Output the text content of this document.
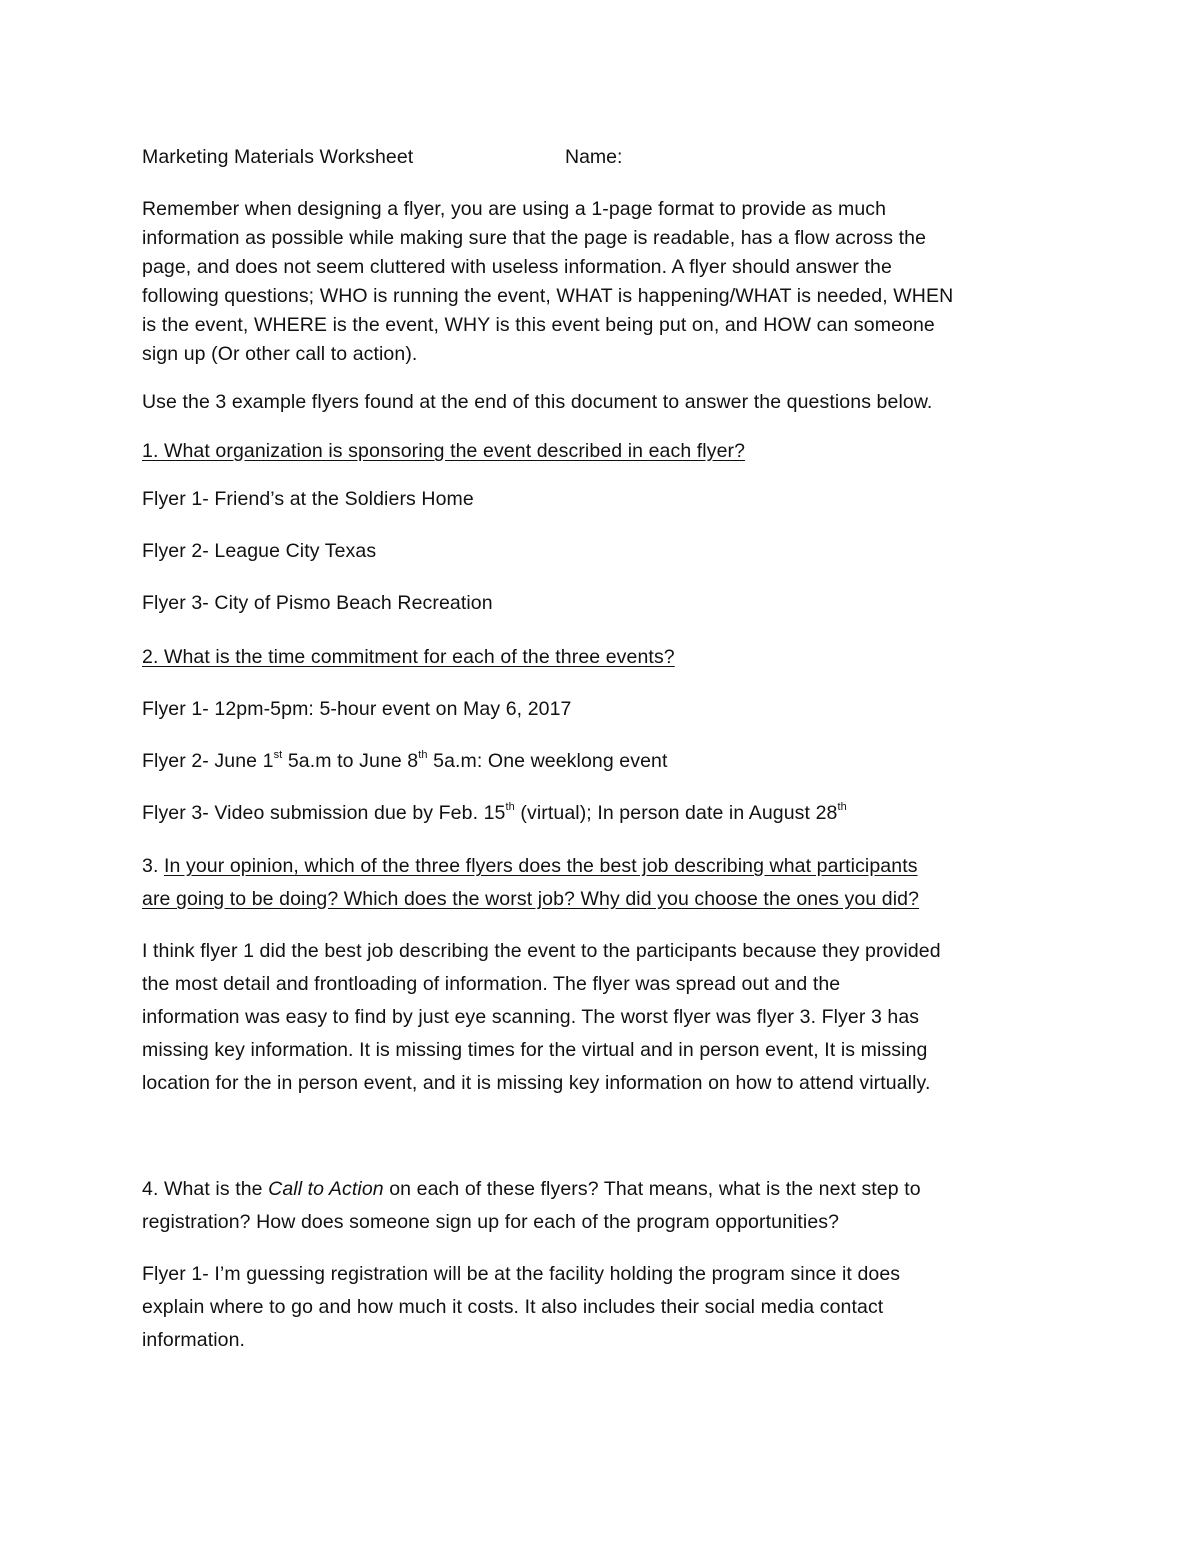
Marketing Materials Worksheet	Name:
Remember when designing a flyer, you are using a 1-page format to provide as much
information as possible while making sure that the page is readable, has a flow across the
page, and does not seem cluttered with useless information. A flyer should answer the
following questions; WHO is running the event, WHAT is happening/WHAT is needed, WHEN
is the event, WHERE is the event, WHY is this event being put on, and HOW can someone
sign up (Or other call to action).
Use the 3 example flyers found at the end of this document to answer the questions below.
1. What organization is sponsoring the event described in each flyer?
Flyer 1- Friend’s at the Soldiers Home
Flyer 2- League City Texas
Flyer 3- City of Pismo Beach Recreation
2. What is the time commitment for each of the three events?
Flyer 1- 12pm-5pm: 5-hour event on May 6, 2017
Flyer 2- June 1st 5a.m to June 8th 5a.m: One weeklong event
Flyer 3- Video submission due by Feb. 15th (virtual); In person date in August 28th
3. In your opinion, which of the three flyers does the best job describing what participants
are going to be doing? Which does the worst job? Why did you choose the ones you did?
I think flyer 1 did the best job describing the event to the participants because they provided
the most detail and frontloading of information. The flyer was spread out and the
information was easy to find by just eye scanning. The worst flyer was flyer 3. Flyer 3 has
missing key information. It is missing times for the virtual and in person event, It is missing
location for the in person event, and it is missing key information on how to attend virtually.
4. What is the Call to Action on each of these flyers? That means, what is the next step to
registration? How does someone sign up for each of the program opportunities?
Flyer 1- I’m guessing registration will be at the facility holding the program since it does
explain where to go and how much it costs. It also includes their social media contact
information.
